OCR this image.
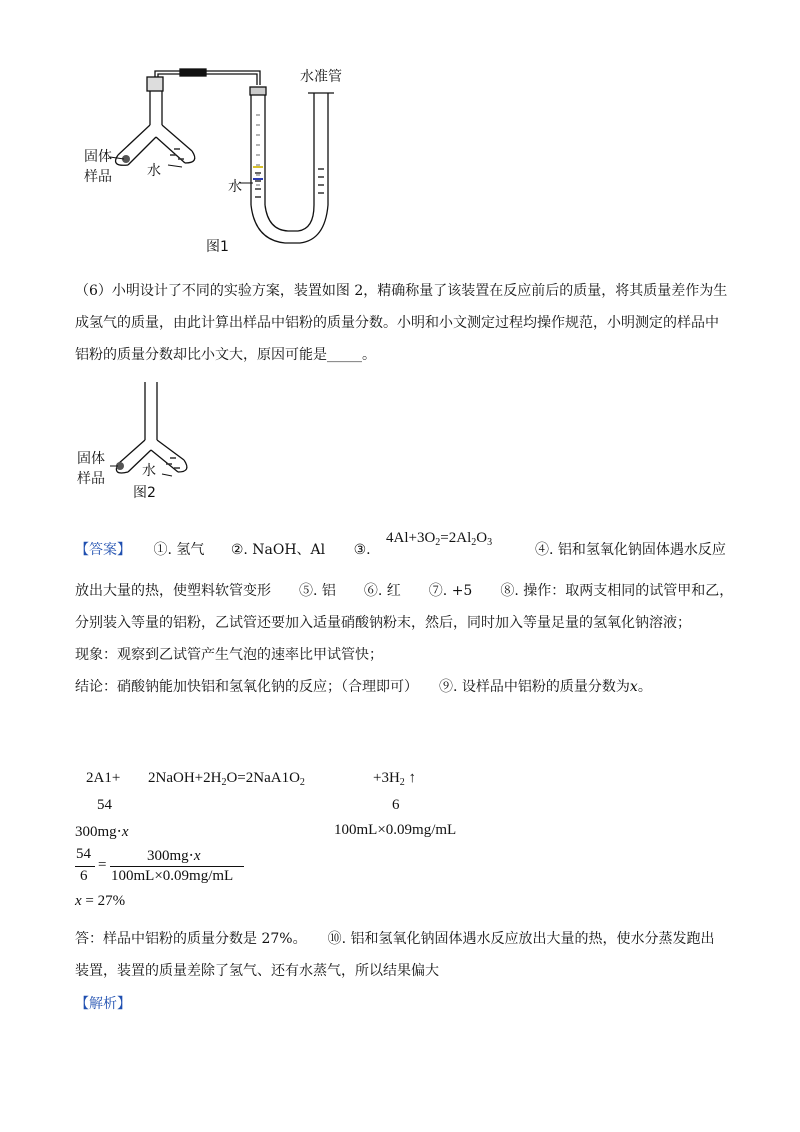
固体
样品	水
水
水准管
图1
（6）小明设计了不同的实验方案，装置如图 2，精确称量了该装置在反应前后的质量，将其质量差作为生
成氢气的质量，由此计算出样品中铝粉的质量分数。小明和小文测定过程均操作规范，小明测定的样品中
铝粉的质量分数却比小文大，原因可能是_____。
固体
样品	水
图2
【答案】 ①. 氢气 ②. NaOH、Al ③.
$4Al+3O_2=2Al_2O_3$	④. 铝和氢氧化钠固体遇水反应
放出大量的热，使塑料软管变形　　⑤. 铝　　⑥. 红　　⑦. +5　　⑧. 操作：取两支相同的试管甲和乙，
分别装入等量的铝粉，乙试管还要加入适量硝酸钠粉末，然后，同时加入等量足量的氢氧化钠溶液；
现象：观察到乙试管产生气泡的速率比甲试管快；
结论：硝酸钠能加快铝和氢氧化钠的反应；（合理即可）　　⑨. 设样品中铝粉的质量分数为x。
$2A1+ 2NaOH+2H_2O=2NaA1O_2$	$+3H_2$ ↑
54	6
300mg⋅x	100mL×0.09mg/mL
54
6
=
300mg⋅x
100mL×0.09mg/mL
x = 27%
答：样品中铝粉的质量分数是 27%。　　⑩. 铝和氢氧化钠固体遇水反应放出大量的热，使水分蒸发跑出
装置，装置的质量差除了氢气、还有水蒸气，所以结果偏大
【解析】
